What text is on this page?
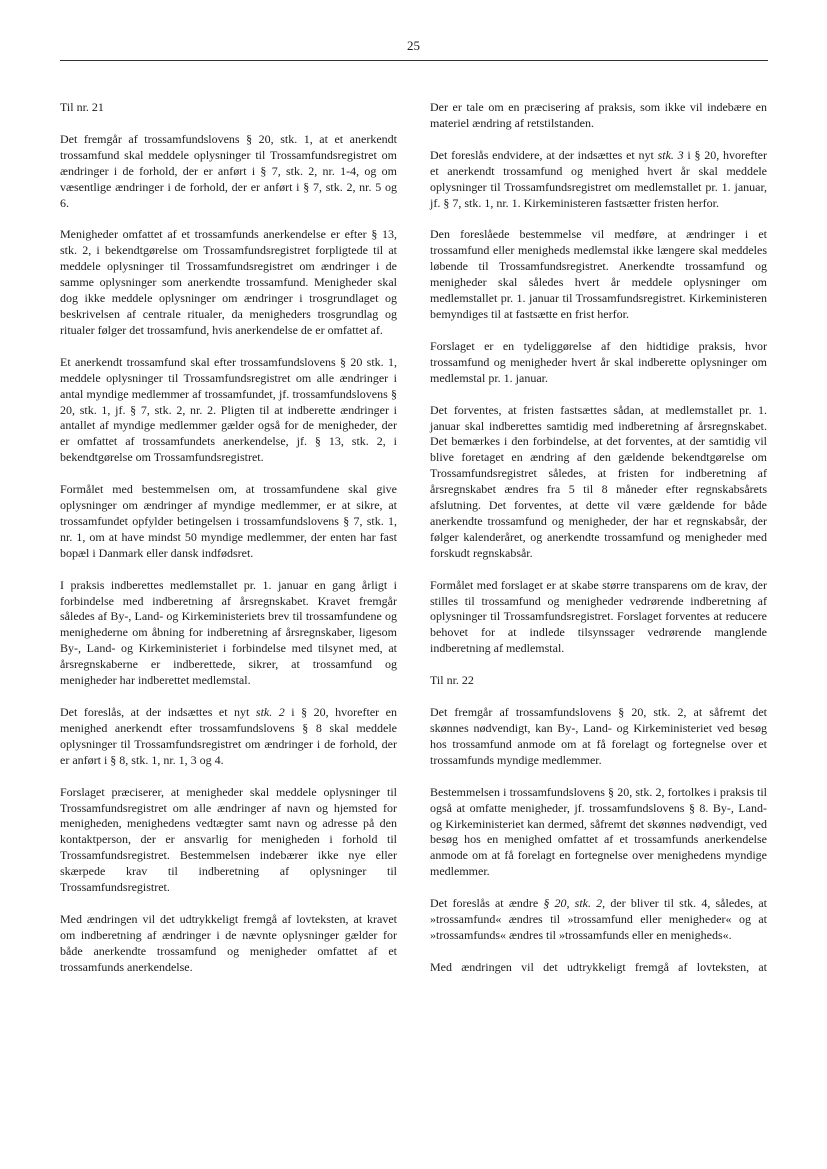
25

Til nr. 21

Det fremgår af trossamfundslovens § 20, stk. 1, at et anerkendt trossamfund skal meddele oplysninger til Trossamfundsregistret om ændringer i de forhold, der er anført i § 7, stk. 2, nr. 1-4, og om væsentlige ændringer i de forhold, der er anført i § 7, stk. 2, nr. 5 og 6.

Menigheder omfattet af et trossamfunds anerkendelse er efter § 13, stk. 2, i bekendtgørelse om Trossamfundsregistret forpligtede til at meddele oplysninger til Trossamfundsregistret om ændringer i de samme oplysninger som anerkendte trossamfund. Menigheder skal dog ikke meddele oplysninger om ændringer i trosgrundlaget og beskrivelsen af centrale ritualer, da menigheders trosgrundlag og ritualer følger det trossamfund, hvis anerkendelse de er omfattet af.

Et anerkendt trossamfund skal efter trossamfundslovens § 20 stk. 1, meddele oplysninger til Trossamfundsregistret om alle ændringer i antal myndige medlemmer af trossamfundet, jf. trossamfundslovens § 20, stk. 1, jf. § 7, stk. 2, nr. 2. Pligten til at indberette ændringer i antallet af myndige medlemmer gælder også for de menigheder, der er omfattet af trossamfundets anerkendelse, jf. § 13, stk. 2, i bekendtgørelse om Trossamfundsregistret.

Formålet med bestemmelsen om, at trossamfundene skal give oplysninger om ændringer af myndige medlemmer, er at sikre, at trossamfundet opfylder betingelsen i trossamfundslovens § 7, stk. 1, nr. 1, om at have mindst 50 myndige medlemmer, der enten har fast bopæl i Danmark eller dansk indfødsret.

I praksis indberettes medlemstallet pr. 1. januar en gang årligt i forbindelse med indberetning af årsregnskabet. Kravet fremgår således af By-, Land- og Kirkeministeriets brev til trossamfundene og menighederne om åbning for indberetning af årsregnskaber, ligesom By-, Land- og Kirkeministeriet i forbindelse med tilsynet med, at årsregnskaberne er indberettede, sikrer, at trossamfund og menigheder har indberettet medlemstal.

Det foreslås, at der indsættes et nyt stk. 2 i § 20, hvorefter en menighed anerkendt efter trossamfundslovens § 8 skal meddele oplysninger til Trossamfundsregistret om ændringer i de forhold, der er anført i § 8, stk. 1, nr. 1, 3 og 4.

Forslaget præciserer, at menigheder skal meddele oplysninger til Trossamfundsregistret om alle ændringer af navn og hjemsted for menigheden, menighedens vedtægter samt navn og adresse på den kontaktperson, der er ansvarlig for menigheden i forhold til Trossamfundsregistret. Bestemmelsen indebærer ikke nye eller skærpede krav til indberetning af oplysninger til Trossamfundsregistret.

Med ændringen vil det udtrykkeligt fremgå af lovteksten, at kravet om indberetning af ændringer i de nævnte oplysninger gælder for både anerkendte trossamfund og menigheder omfattet af et trossamfunds anerkendelse.

Der er tale om en præcisering af praksis, som ikke vil indebære en materiel ændring af retstilstanden.

Det foreslås endvidere, at der indsættes et nyt stk. 3 i § 20, hvorefter et anerkendt trossamfund og menighed hvert år skal meddele oplysninger til Trossamfundsregistret om medlemstallet pr. 1. januar, jf. § 7, stk. 1, nr. 1. Kirkeministeren fastsætter fristen herfor.

Den foreslåede bestemmelse vil medføre, at ændringer i et trossamfund eller menigheds medlemstal ikke længere skal meddeles løbende til Trossamfundsregistret. Anerkendte trossamfund og menigheder skal således hvert år meddele oplysninger om medlemstallet pr. 1. januar til Trossamfundsregistret. Kirkeministeren bemyndiges til at fastsætte en frist herfor.

Forslaget er en tydeliggørelse af den hidtidige praksis, hvor trossamfund og menigheder hvert år skal indberette oplysninger om medlemstal pr. 1. januar.

Det forventes, at fristen fastsættes sådan, at medlemstallet pr. 1. januar skal indberettes samtidig med indberetning af årsregnskabet. Det bemærkes i den forbindelse, at det forventes, at der samtidig vil blive foretaget en ændring af den gældende bekendtgørelse om Trossamfundsregistret således, at fristen for indberetning af årsregnskabet ændres fra 5 til 8 måneder efter regnskabsårets afslutning. Det forventes, at dette vil være gældende for både anerkendte trossamfund og menigheder, der har et regnskabsår, der følger kalenderåret, og anerkendte trossamfund og menigheder med forskudt regnskabsår.

Formålet med forslaget er at skabe større transparens om de krav, der stilles til trossamfund og menigheder vedrørende indberetning af oplysninger til Trossamfundsregistret. Forslaget forventes at reducere behovet for at indlede tilsynssager vedrørende manglende indberetning af medlemstal.

Til nr. 22

Det fremgår af trossamfundslovens § 20, stk. 2, at såfremt det skønnes nødvendigt, kan By-, Land- og Kirkeministeriet ved besøg hos trossamfund anmode om at få forelagt og fortegnelse over et trossamfunds myndige medlemmer.

Bestemmelsen i trossamfundslovens § 20, stk. 2, fortolkes i praksis til også at omfatte menigheder, jf. trossamfundslovens § 8. By-, Land- og Kirkeministeriet kan dermed, såfremt det skønnes nødvendigt, ved besøg hos en menighed omfattet af et trossamfunds anerkendelse anmode om at få forelagt en fortegnelse over menighedens myndige medlemmer.

Det foreslås at ændre § 20, stk. 2, der bliver til stk. 4, således, at »trossamfund« ændres til »trossamfund eller menigheder« og at »trossamfunds« ændres til »trossamfunds eller en menigheds«.

Med ændringen vil det udtrykkeligt fremgå af lovteksten, at
